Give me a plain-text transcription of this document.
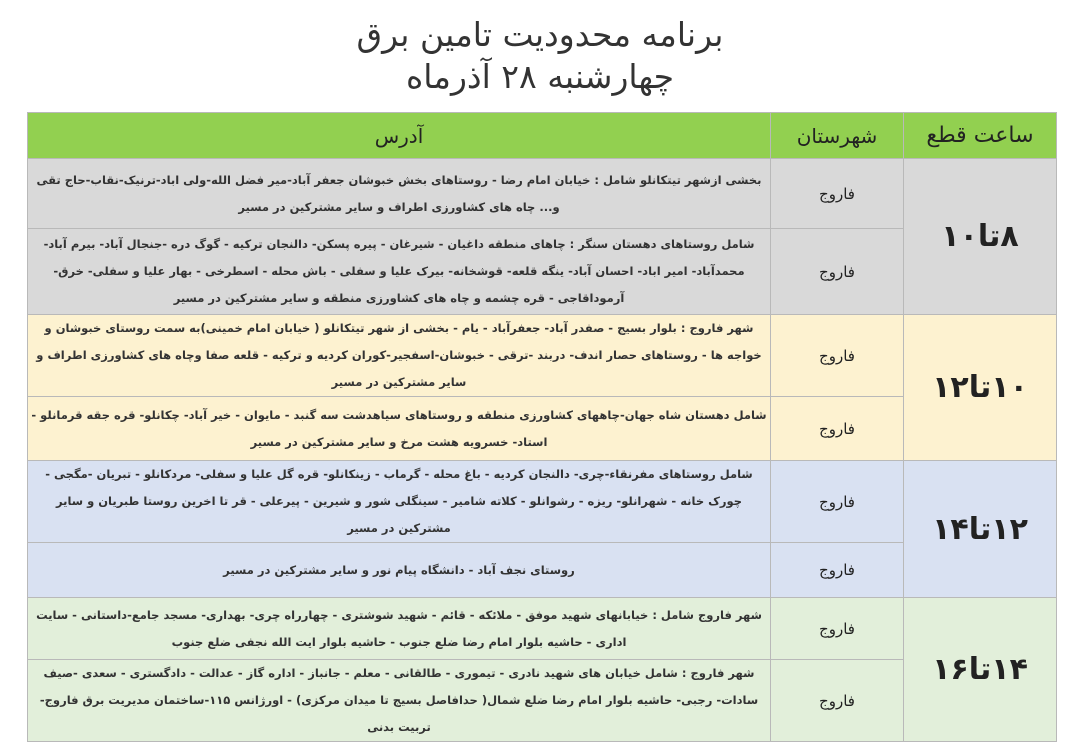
برنامه محدودیت تامین برق
چهارشنبه ۲۸ آذرماه
ساعت قطع	شهرستان	آدرس
۸تا۱۰	فاروج	بخشی ازشهر تیتکانلو شامل : خیابان امام رضا - روستاهای بخش خبوشان جعفر آباد-میر فضل الله-ولی اباد-ترنیک-نقاب-حاج تقی و... چاه های کشاورزی اطراف و سایر مشترکین در مسیر
	فاروج	شامل روستاهای دهستان سنگر : چاهای منطقه داغیان - شیرغان - پیره پسکن- دالنجان ترکیه - گوگ دره -جنجال آباد- بیرم آباد- محمدآباد- امیر اباد- احسان آباد- ینگه قلعه- قوشخانه- بیرک علیا و سفلی - باش محله - اسطرخی - بهار علیا و سفلی- خرق- آرموداقاجی - قره چشمه و چاه های کشاورزی منطقه و سایر مشترکین در مسیر
۱۰تا۱۲	فاروج	شهر فاروج : بلوار بسیج - صفدر آباد- جعفرآباد - یام - بخشی از شهر تیتکانلو ( خیابان امام خمینی)به سمت روستای خبوشان و خواجه ها - روستاهای حصار اندف- دربند -ترقی - خبوشان-اسفجیر-کوران کردیه و ترکیه - قلعه صفا وچاه های کشاورزی اطراف و سایر مشترکین در مسیر
	فاروج	شامل دهستان شاه جهان-چاههای کشاورزی منطقه و روستاهای سیاهدشت سه گنبد - مایوان - خیر آباد- چکانلو- قره جقه قرمانلو - استاد- خسرویه هشت مرخ و سایر مشترکین در مسیر
۱۲تا۱۴	فاروج	شامل روستاهای مفرنقاء-چری- دالنجان کردیه - باغ محله - گرماب - زینکانلو- قره گل علیا و سفلی- مردکانلو - تبریان -مگجی - چورک خانه - شهرانلو- ریزه - رشوانلو - کلاته شامیر - سینگلی شور و شیرین - پیرعلی - قر تا اخرین روستا طبریان و سایر مشترکین در مسیر
	فاروج	روستای نجف آباد - دانشگاه پیام نور و سایر مشترکین در مسیر
۱۴تا۱۶	فاروج	شهر فاروج شامل : خیابانهای شهید موفق - ملائکه - قائم - شهید شوشتری - چهارراه چری- بهداری- مسجد جامع-داستانی - سایت اداری - حاشیه بلوار امام رضا ضلع جنوب - حاشیه بلوار ایت الله نجفی ضلع جنوب
	فاروج	شهر فاروج : شامل خیابان های شهید نادری - تیموری - طالقانی - معلم - جانباز - اداره گاز - عدالت - دادگستری - سعدی -صیف سادات- رجبی- حاشیه بلوار امام رضا ضلع شمال( حدافاصل بسیج تا میدان مرکزی) - اورژانس ۱۱۵-ساختمان مدیریت برق فاروج- تربیت بدنی
